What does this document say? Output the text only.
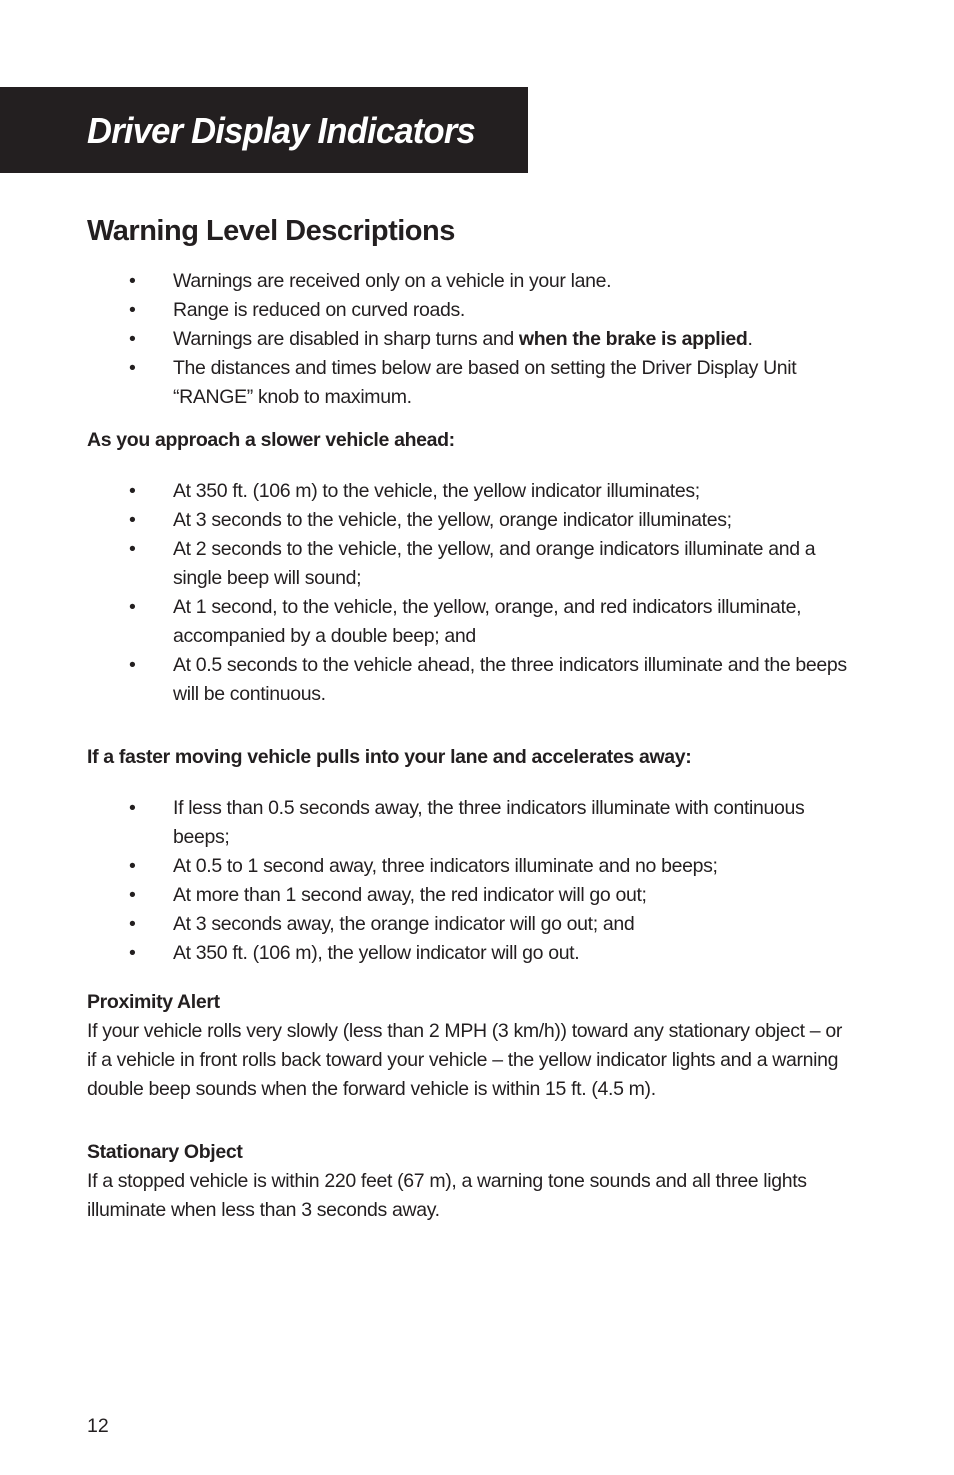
Driver Display Indicators
Warning Level Descriptions
• Warnings are received only on a vehicle in your lane.
• Range is reduced on curved roads.
• Warnings are disabled in sharp turns and when the brake is applied.
• The distances and times below are based on setting the Driver Display Unit “RANGE” knob to maximum.
As you approach a slower vehicle ahead:
• At 350 ft. (106 m) to the vehicle, the yellow indicator illuminates;
• At 3 seconds to the vehicle, the yellow, orange indicator illuminates;
• At 2 seconds to the vehicle, the yellow, and orange indicators illuminate and a single beep will sound;
• At 1 second, to the vehicle, the yellow, orange, and red indicators illuminate, accompanied by a double beep; and
• At 0.5 seconds to the vehicle ahead, the three indicators illuminate and the beeps will be continuous.
If a faster moving vehicle pulls into your lane and accelerates away:
• If less than 0.5 seconds away, the three indicators illuminate with continuous beeps;
• At 0.5 to 1 second away, three indicators illuminate and no beeps;
• At more than 1 second away, the red indicator will go out;
• At 3 seconds away, the orange indicator will go out; and
• At 350 ft. (106 m), the yellow indicator will go out.
Proximity Alert
If your vehicle rolls very slowly (less than 2 MPH (3 km/h)) toward any stationary object – or if a vehicle in front rolls back toward your vehicle – the yellow indicator lights and a warning double beep sounds when the forward vehicle is within 15 ft. (4.5 m).
Stationary Object
If a stopped vehicle is within 220 feet (67 m), a warning tone sounds and all three lights illuminate when less than 3 seconds away.
12
